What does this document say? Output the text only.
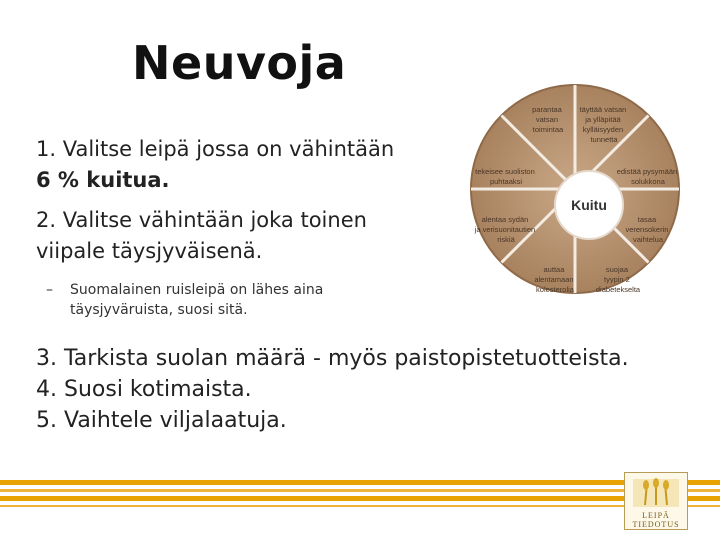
Neuvoja
1. Valitse leipä jossa on vähintään
6 % kuitua.
2. Valitse vähintään joka toinen
viipale täysjyväisenä.
– Suomalainen ruisleipä on lähes aina
täysjyväruista, suosi sitä.
3. Tarkista suolan määrä - myös paistopistetuotteista.
4. Suosi kotimaista.
5. Vaihtele viljalaatuja.
Kuitu
parantaa vatsan toimintaa
täyttää vatsan ja ylläpitää kylläisyyden tunnetta
edistää pysymään solukkona
tasaa verensokerin vaihtelua
suojaa tyypin 2 diabetekselta
auttaa alentamaan kolesterolia
alentaa sydän ja verisuonitautien riskiä
tekeisee suoliston puhtaaksi
LEIPÄ
TIEDOTUS
